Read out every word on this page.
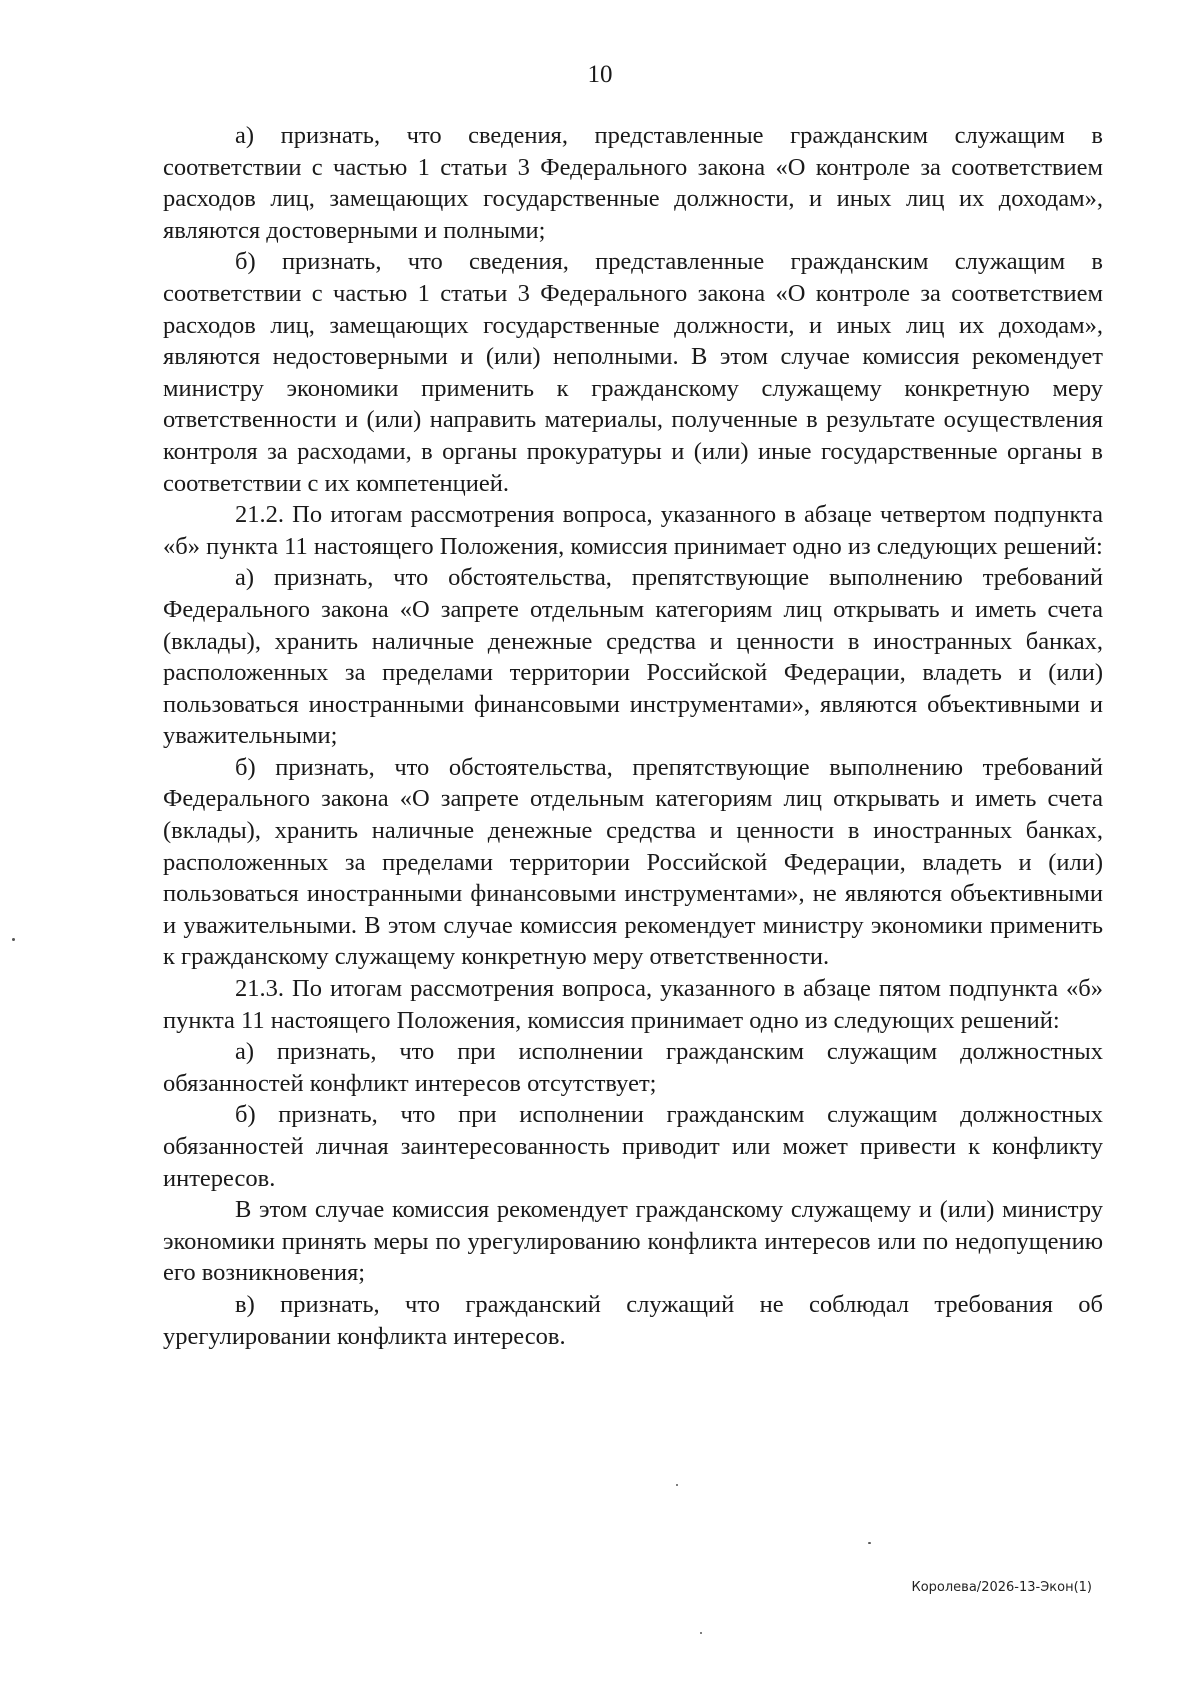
10

а) признать, что сведения, представленные гражданским служащим в соответствии с частью 1 статьи 3 Федерального закона «О контроле за соответствием расходов лиц, замещающих государственные должности, и иных лиц их доходам», являются достоверными и полными;

б) признать, что сведения, представленные гражданским служащим в соответствии с частью 1 статьи 3 Федерального закона «О контроле за соответствием расходов лиц, замещающих государственные должности, и иных лиц их доходам», являются недостоверными и (или) неполными. В этом случае комиссия рекомендует министру экономики применить к гражданскому служащему конкретную меру ответственности и (или) направить материалы, полученные в результате осуществления контроля за расходами, в органы прокуратуры и (или) иные государственные органы в соответствии с их компетенцией.

21.2. По итогам рассмотрения вопроса, указанного в абзаце четвертом подпункта «б» пункта 11 настоящего Положения, комиссия принимает одно из следующих решений:

а) признать, что обстоятельства, препятствующие выполнению требований Федерального закона «О запрете отдельным категориям лиц открывать и иметь счета (вклады), хранить наличные денежные средства и ценности в иностранных банках, расположенных за пределами территории Российской Федерации, владеть и (или) пользоваться иностранными финансовыми инструментами», являются объективными и уважительными;

б) признать, что обстоятельства, препятствующие выполнению требований Федерального закона «О запрете отдельным категориям лиц открывать и иметь счета (вклады), хранить наличные денежные средства и ценности в иностранных банках, расположенных за пределами территории Российской Федерации, владеть и (или) пользоваться иностранными финансовыми инструментами», не являются объективными и уважительными. В этом случае комиссия рекомендует министру экономики применить к гражданскому служащему конкретную меру ответственности.

21.3. По итогам рассмотрения вопроса, указанного в абзаце пятом подпункта «б» пункта 11 настоящего Положения, комиссия принимает одно из следующих решений:

а) признать, что при исполнении гражданским служащим должностных обязанностей конфликт интересов отсутствует;

б) признать, что при исполнении гражданским служащим должностных обязанностей личная заинтересованность приводит или может привести к конфликту интересов.

В этом случае комиссия рекомендует гражданскому служащему и (или) министру экономики принять меры по урегулированию конфликта интересов или по недопущению его возникновения;

в) признать, что гражданский служащий не соблюдал требования об урегулировании конфликта интересов.

Королева/2026-13-Экон(1)
